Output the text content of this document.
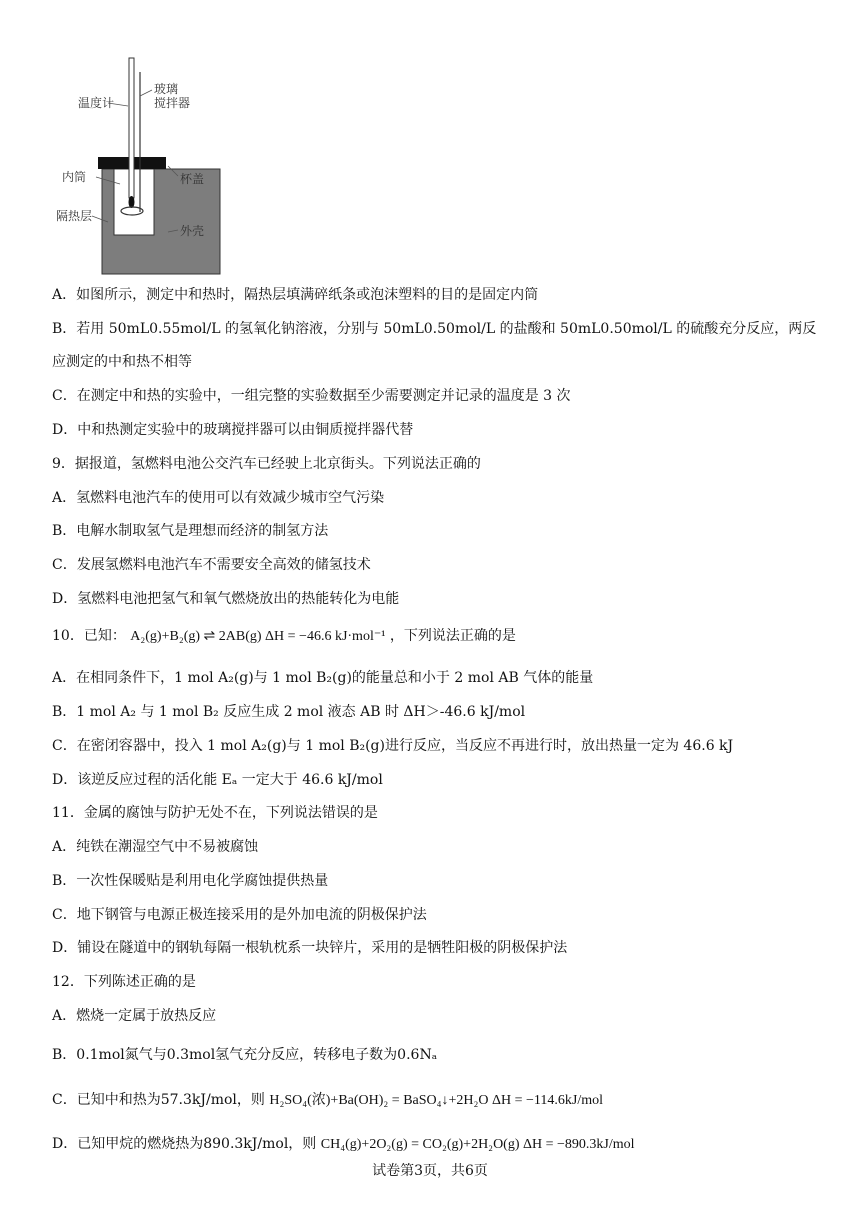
温度计
玻璃
搅拌器
内筒	杯盖
隔热层
外壳
A．如图所示，测定中和热时，隔热层填满碎纸条或泡沫塑料的目的是固定内筒
B．若用 50mL0.55mol/L 的氢氧化钠溶液，分别与 50mL0.50mol/L 的盐酸和 50mL0.50mol/L 的硫酸充分反应，两反
应测定的中和热不相等
C．在测定中和热的实验中，一组完整的实验数据至少需要测定并记录的温度是 3 次
D．中和热测定实验中的玻璃搅拌器可以由铜质搅拌器代替
9．据报道，氢燃料电池公交汽车已经驶上北京街头。下列说法正确的
A．氢燃料电池汽车的使用可以有效减少城市空气污染
B．电解水制取氢气是理想而经济的制氢方法
C．发展氢燃料电池汽车不需要安全高效的储氢技术
D．氢燃料电池把氢气和氧气燃烧放出的热能转化为电能
10．已知： A₂(g)+B₂(g) ⇌ 2AB(g) ΔH = −46.6 kJ·mol⁻¹ ，下列说法正确的是
A．在相同条件下，1 mol A₂(g)与 1 mol B₂(g)的能量总和小于 2 mol AB 气体的能量
B．1 mol A₂ 与 1 mol B₂ 反应生成 2 mol 液态 AB 时 ΔH＞-46.6 kJ/mol
C．在密闭容器中，投入 1 mol A₂(g)与 1 mol B₂(g)进行反应，当反应不再进行时，放出热量一定为 46.6 kJ
D．该逆反应过程的活化能 Eₐ 一定大于 46.6 kJ/mol
11．金属的腐蚀与防护无处不在，下列说法错误的是
A．纯铁在潮湿空气中不易被腐蚀
B．一次性保暖贴是利用电化学腐蚀提供热量
C．地下钢管与电源正极连接采用的是外加电流的阴极保护法
D．铺设在隧道中的钢轨每隔一根轨枕系一块锌片，采用的是牺牲阳极的阴极保护法
12．下列陈述正确的是
A．燃烧一定属于放热反应
B．0.1mol氮气与0.3mol氢气充分反应，转移电子数为0.6Nₐ
C．已知中和热为57.3kJ/mol，则 H₂SO₄(浓)+Ba(OH)₂ = BaSO₄↓+2H₂O ΔH = −114.6kJ/mol
D．已知甲烷的燃烧热为890.3kJ/mol，则 CH₄(g)+2O₂(g) = CO₂(g)+2H₂O(g) ΔH = −890.3kJ/mol
试卷第3页，共6页
